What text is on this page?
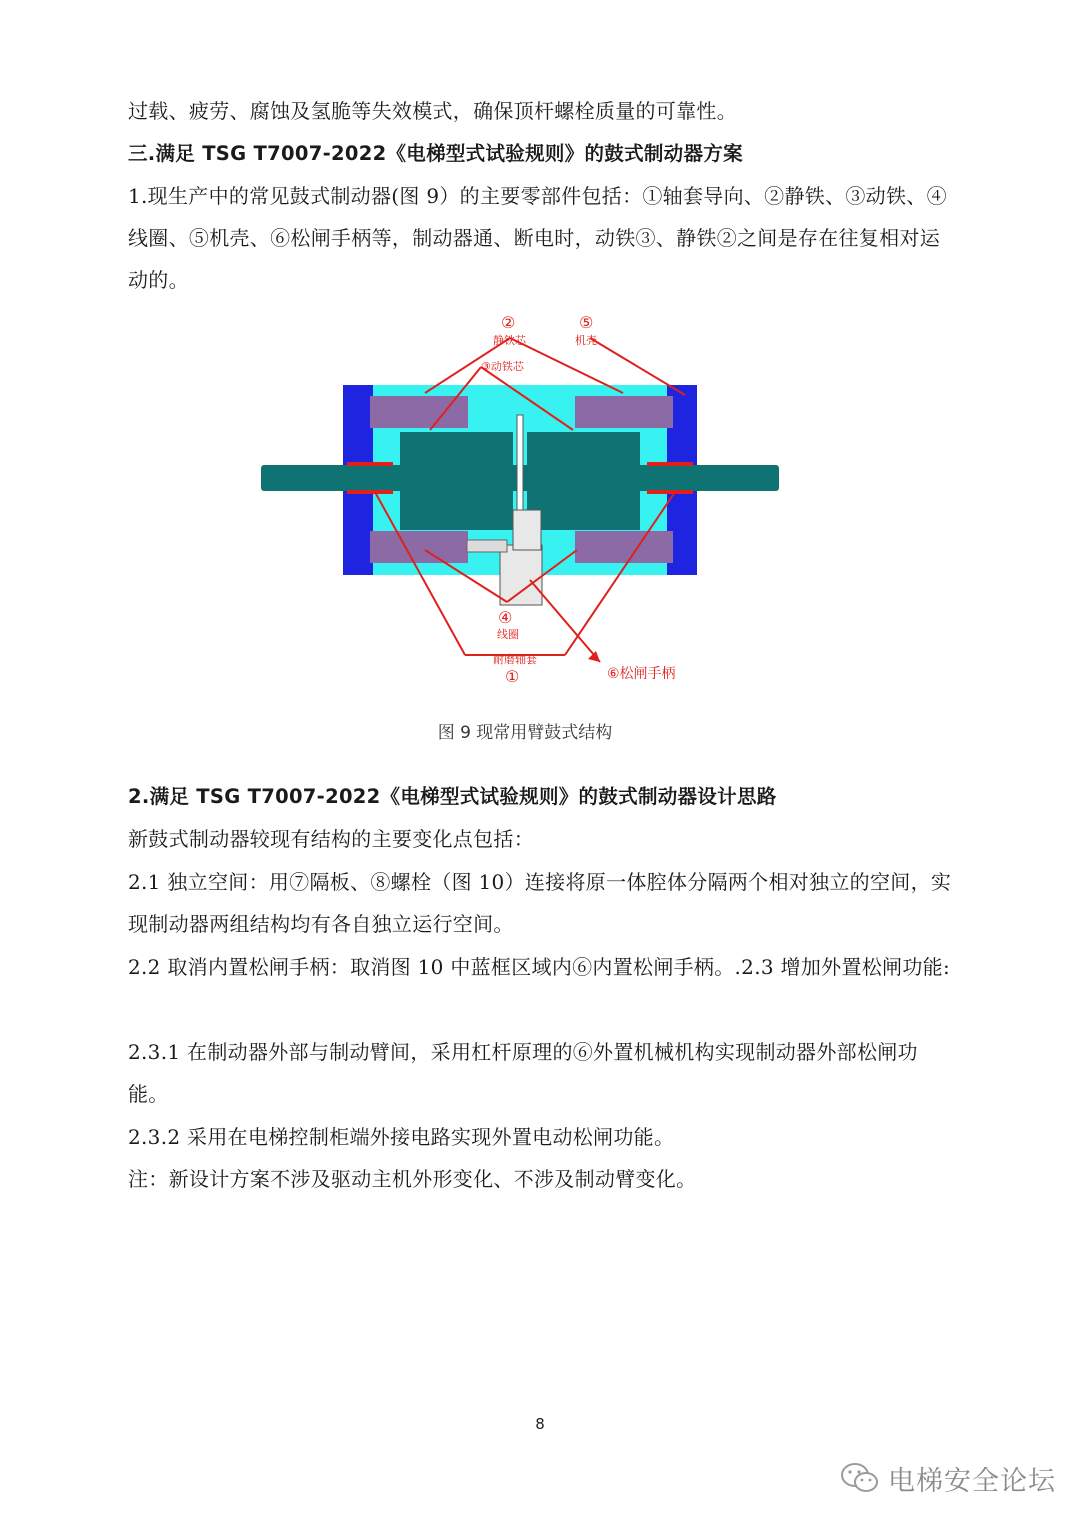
过载、疲劳、腐蚀及氢脆等失效模式，确保顶杆螺栓质量的可靠性。

三.满足 TSG T7007-2022《电梯型式试验规则》的鼓式制动器方案

1.现生产中的常见鼓式制动器(图 9）的主要零部件包括：①轴套导向、②静铁、③动铁、④线圈、⑤机壳、⑥松闸手柄等，制动器通、断电时，动铁③、静铁②之间是存在往复相对运动的。

②
静铁芯
⑤
机壳
③动铁芯
④
线圈
耐磨轴套
①	⑥松闸手柄
图 9 现常用臂鼓式结构

2.满足 TSG T7007-2022《电梯型式试验规则》的鼓式制动器设计思路

新鼓式制动器较现有结构的主要变化点包括：

2.1 独立空间：用⑦隔板、⑧螺栓（图 10）连接将原一体腔体分隔两个相对独立的空间，实现制动器两组结构均有各自独立运行空间。

2.2 取消内置松闸手柄：取消图 10 中蓝框区域内⑥内置松闸手柄。.2.3 增加外置松闸功能:

2.3.1 在制动器外部与制动臂间，采用杠杆原理的⑥外置机械机构实现制动器外部松闸功能。

2.3.2 采用在电梯控制柜端外接电路实现外置电动松闸功能。

注：新设计方案不涉及驱动主机外形变化、不涉及制动臂变化。

8
电梯安全论坛
